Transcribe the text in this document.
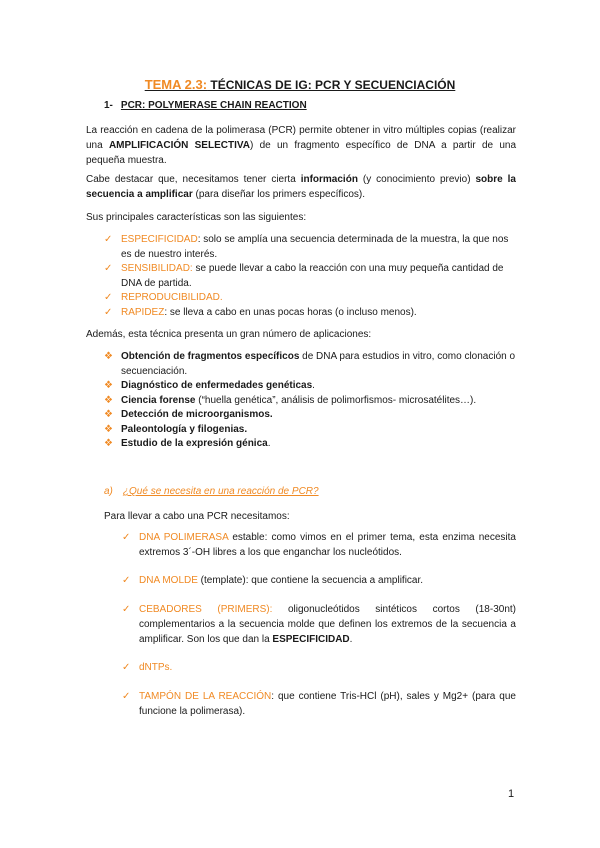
TEMA 2.3: TÉCNICAS DE IG: PCR Y SECUENCIACIÓN
1- PCR: POLYMERASE CHAIN REACTION
La reacción en cadena de la polimerasa (PCR) permite obtener in vitro múltiples copias (realizar una AMPLIFICACIÓN SELECTIVA) de un fragmento específico de DNA a partir de una pequeña muestra.
Cabe destacar que, necesitamos tener cierta información (y conocimiento previo) sobre la secuencia a amplificar (para diseñar los primers específicos).
Sus principales características son las siguientes:
✓ ESPECIFICIDAD: solo se amplía una secuencia determinada de la muestra, la que nos es de nuestro interés.
✓ SENSIBILIDAD: se puede llevar a cabo la reacción con una muy pequeña cantidad de DNA de partida.
✓ REPRODUCIBILIDAD.
✓ RAPIDEZ: se lleva a cabo en unas pocas horas (o incluso menos).
Además, esta técnica presenta un gran número de aplicaciones:
❖ Obtención de fragmentos específicos de DNA para estudios in vitro, como clonación o secuenciación.
❖ Diagnóstico de enfermedades genéticas.
❖ Ciencia forense (“huella genética”, análisis de polimorfismos- microsatélites…).
❖ Detección de microorganismos.
❖ Paleontología y filogenias.
❖ Estudio de la expresión génica.
a) ¿Qué se necesita en una reacción de PCR?
Para llevar a cabo una PCR necesitamos:
✓ DNA POLIMERASA estable: como vimos en el primer tema, esta enzima necesita extremos 3´-OH libres a los que enganchar los nucleótidos.
✓ DNA MOLDE (template): que contiene la secuencia a amplificar.
✓ CEBADORES (PRIMERS): oligonucleótidos sintéticos cortos (18-30nt) complementarios a la secuencia molde que definen los extremos de la secuencia a amplificar. Son los que dan la ESPECIFICIDAD.
✓ dNTPs.
✓ TAMPÓN DE LA REACCIÓN: que contiene Tris-HCl (pH), sales y Mg2+ (para que funcione la polimerasa).
1
